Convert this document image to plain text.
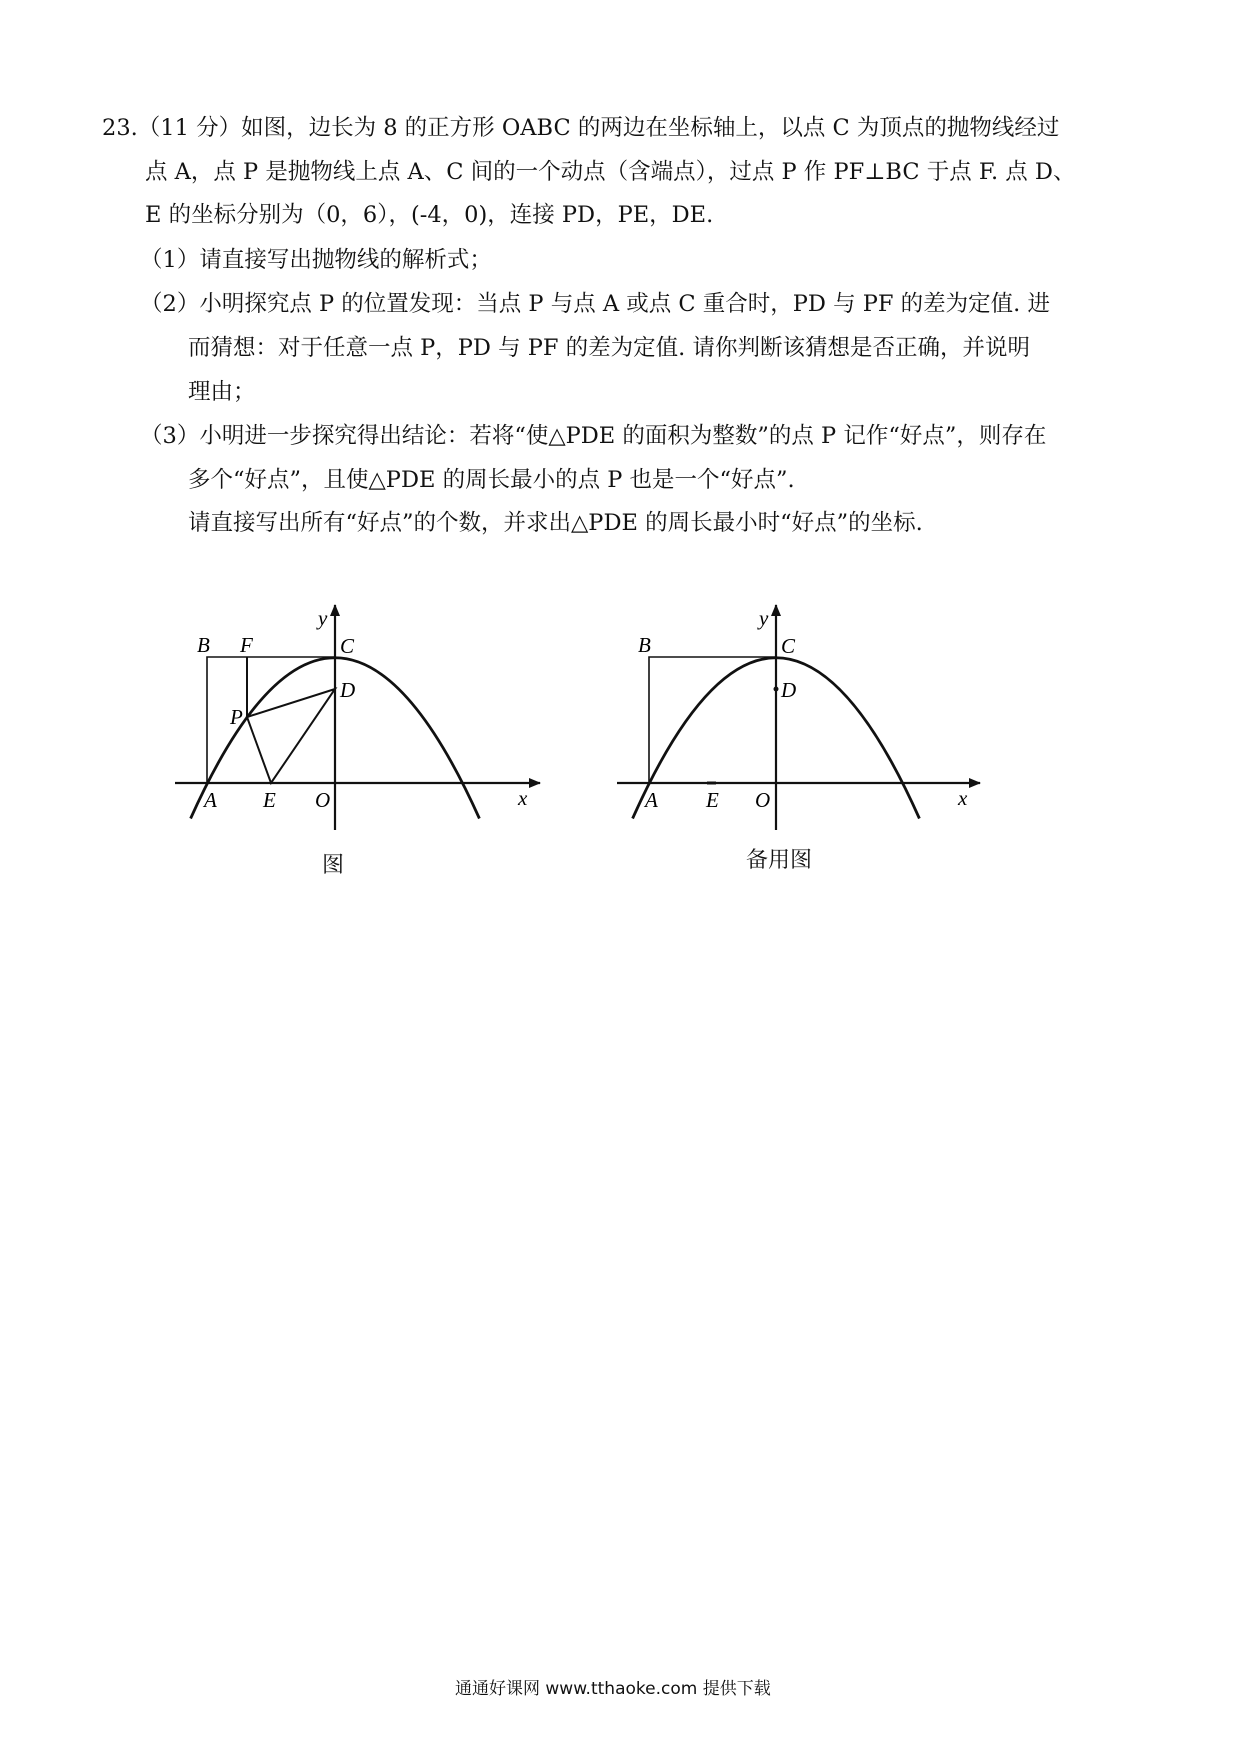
23.（11 分）如图，边长为 8 的正方形 OABC 的两边在坐标轴上，以点 C 为顶点的抛物线经过
点 A，点 P 是抛物线上点 A、C 间的一个动点（含端点），过点 P 作 PF⊥BC 于点 F. 点 D、
E 的坐标分别为（0，6），(-4，0)，连接 PD，PE，DE.
（1）请直接写出抛物线的解析式；
（2）小明探究点 P 的位置发现：当点 P 与点 A 或点 C 重合时，PD 与 PF 的差为定值. 进
而猜想：对于任意一点 P，PD 与 PF 的差为定值. 请你判断该猜想是否正确，并说明
理由；
（3）小明进一步探究得出结论：若将“使△PDE 的面积为整数”的点 P 记作“好点”，则存在
多个“好点”，且使△PDE 的周长最小的点 P 也是一个“好点”.
请直接写出所有“好点”的个数，并求出△PDE 的周长最小时“好点”的坐标.
y
B F	C
D
P
A E O	x
y
B	C
D
A E O	x
图	备用图
通通好课网 www.tthaoke.com 提供下载
